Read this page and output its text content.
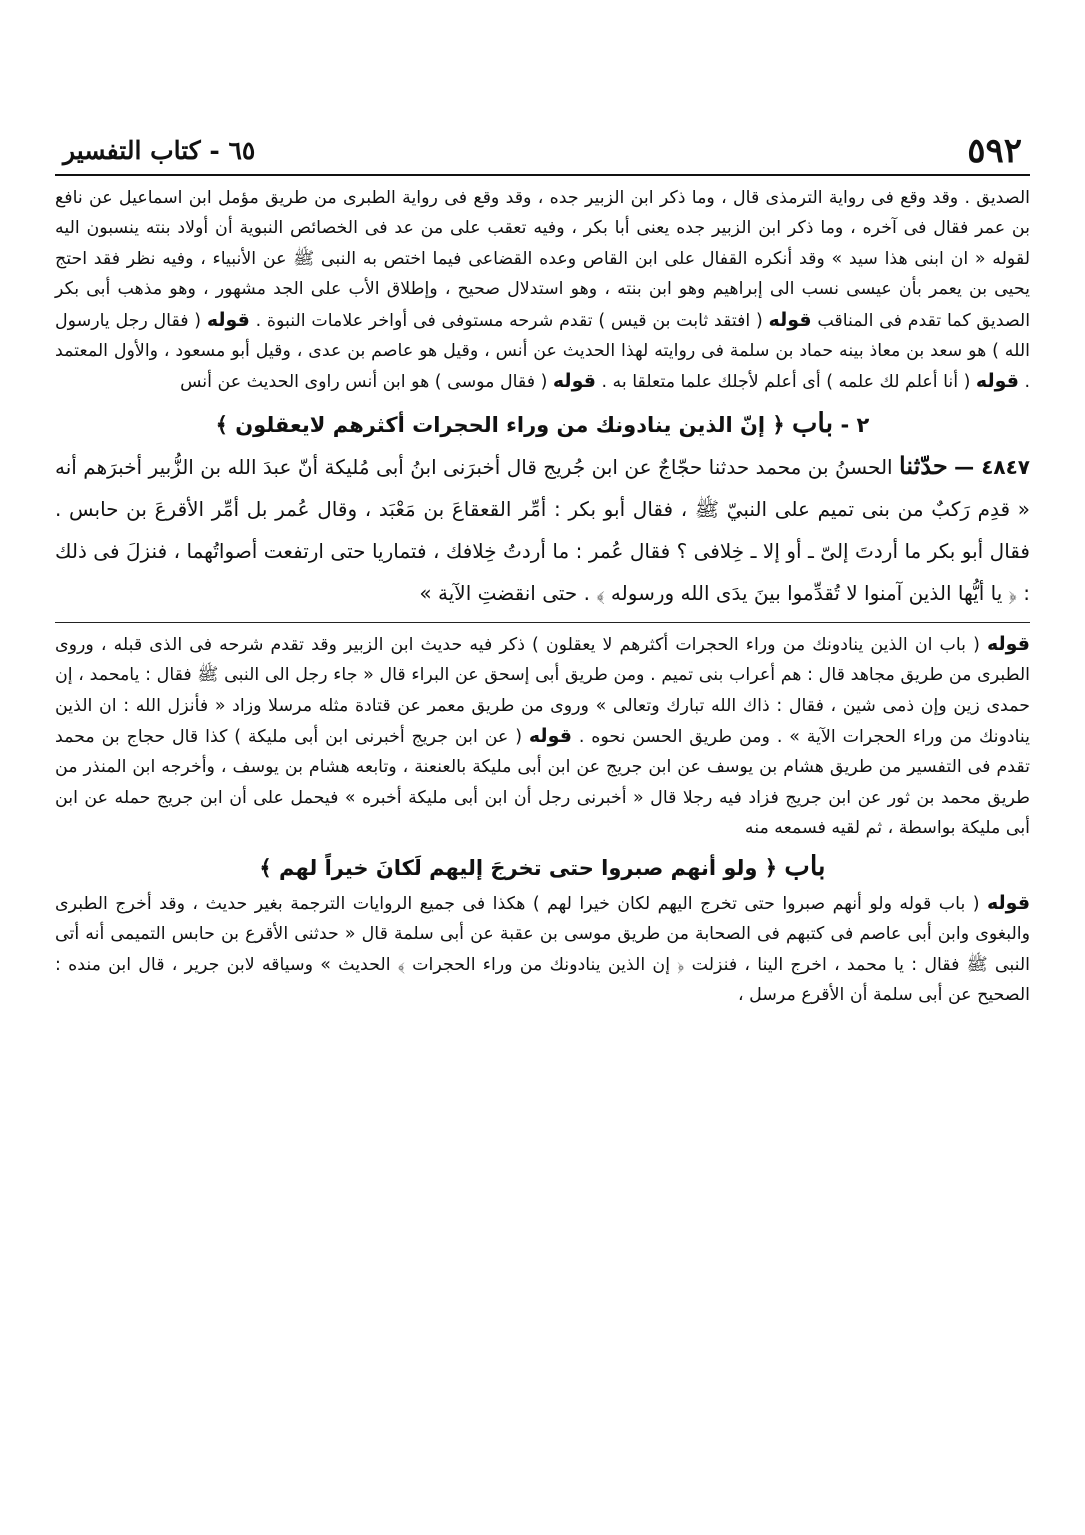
٥٩٢
٦٥ - كتاب التفسير

الصديق . وقد وقع فى رواية الترمذى قال ، وما ذكر ابن الزبير جده ، وقد وقع فى رواية الطبرى من طريق مؤمل ابن اسماعيل عن نافع بن عمر فقال فى آخره ، وما ذكر ابن الزبير جده يعنى أبا بكر ، وفيه تعقب على من عد فى الخصائص النبوية أن أولاد بنته ينسبون اليه لقوله « ان ابنى هذا سيد » وقد أنكره القفال على ابن القاص وعده القضاعى فيما اختص به النبى ﷺ عن الأنبياء ، وفيه نظر فقد احتج يحيى بن يعمر بأن عيسى نسب الى إبراهيم وهو ابن بنته ، وهو استدلال صحيح ، وإطلاق الأب على الجد مشهور ، وهو مذهب أبى بكر الصديق كما تقدم فى المناقب قوله ( افتقد ثابت بن قيس ) تقدم شرحه مستوفى فى أواخر علامات النبوة . قوله ( فقال رجل يارسول الله ) هو سعد بن معاذ بينه حماد بن سلمة فى روايته لهذا الحديث عن أنس ، وقيل هو عاصم بن عدى ، وقيل أبو مسعود ، والأول المعتمد . قوله ( أنا أعلم لك علمه ) أى أعلم لأجلك علما متعلقا به . قوله ( فقال موسى ) هو ابن أنس راوى الحديث عن أنس

٢ - باب ﴿ إنّ الذين ينادونك من وراء الحجرات أكثرهم لايعقلون ﴾
٤٨٤٧ — حدّثنا الحسنُ بن محمد حدثنا حجّاجٌ عن ابن جُريج قال أخبرَنى ابنُ أبى مُليكة أنّ عبدَ الله بن الزُّبير أخبرَهم أنه « قدِم رَكبٌ من بنى تميم على النبيّ ﷺ ، فقال أبو بكر : أمِّر القعقاعَ بن مَعْبَد ، وقال عُمر بل أمِّر الأقرعَ بن حابس . فقال أبو بكر ما أردتَ إلىّ ـ أو إلا ـ خِلافى ؟ فقال عُمر : ما أردتُ خِلافك ، فتماريا حتى ارتفعت أصواتُهما ، فنزلَ فى ذلك : ﴿ يا أيُّها الذين آمنوا لا تُقدِّموا بينَ يدَى الله ورسوله ﴾ . حتى انقضتِ الآية »

قوله ( باب ان الذين ينادونك من وراء الحجرات أكثرهم لا يعقلون ) ذكر فيه حديث ابن الزبير وقد تقدم شرحه فى الذى قبله ، وروى الطبرى من طريق مجاهد قال : هم أعراب بنى تميم . ومن طريق أبى إسحق عن البراء قال « جاء رجل الى النبى ﷺ فقال : يامحمد ، إن حمدى زين وإن ذمى شين ، فقال : ذاك الله تبارك وتعالى » وروى من طريق معمر عن قتادة مثله مرسلا وزاد « فأنزل الله : ان الذين ينادونك من وراء الحجرات الآية » . ومن طريق الحسن نحوه . قوله ( عن ابن جريج أخبرنى ابن أبى مليكة ) كذا قال حجاج بن محمد تقدم فى التفسير من طريق هشام بن يوسف عن ابن جريج عن ابن أبى مليكة بالعنعنة ، وتابعه هشام بن يوسف ، وأخرجه ابن المنذر من طريق محمد بن ثور عن ابن جريج فزاد فيه رجلا قال « أخبرنى رجل أن ابن أبى مليكة أخبره » فيحمل على أن ابن جريج حمله عن ابن أبى مليكة بواسطة ، ثم لقيه فسمعه منه

باب ﴿ ولو أنهم صبروا حتى تخرجَ إليهم لَكانَ خيراً لهم ﴾

قوله ( باب قوله ولو أنهم صبروا حتى تخرج اليهم لكان خيرا لهم ) هكذا فى جميع الروايات الترجمة بغير حديث ، وقد أخرج الطبرى والبغوى وابن أبى عاصم فى كتبهم فى الصحابة من طريق موسى بن عقبة عن أبى سلمة قال « حدثنى الأقرع بن حابس التميمى أنه أتى النبى ﷺ فقال : يا محمد ، اخرج الينا ، فنزلت ﴿ إن الذين ينادونك من وراء الحجرات ﴾ الحديث » وسياقه لابن جرير ، قال ابن منده : الصحيح عن أبى سلمة أن الأقرع مرسل ،
